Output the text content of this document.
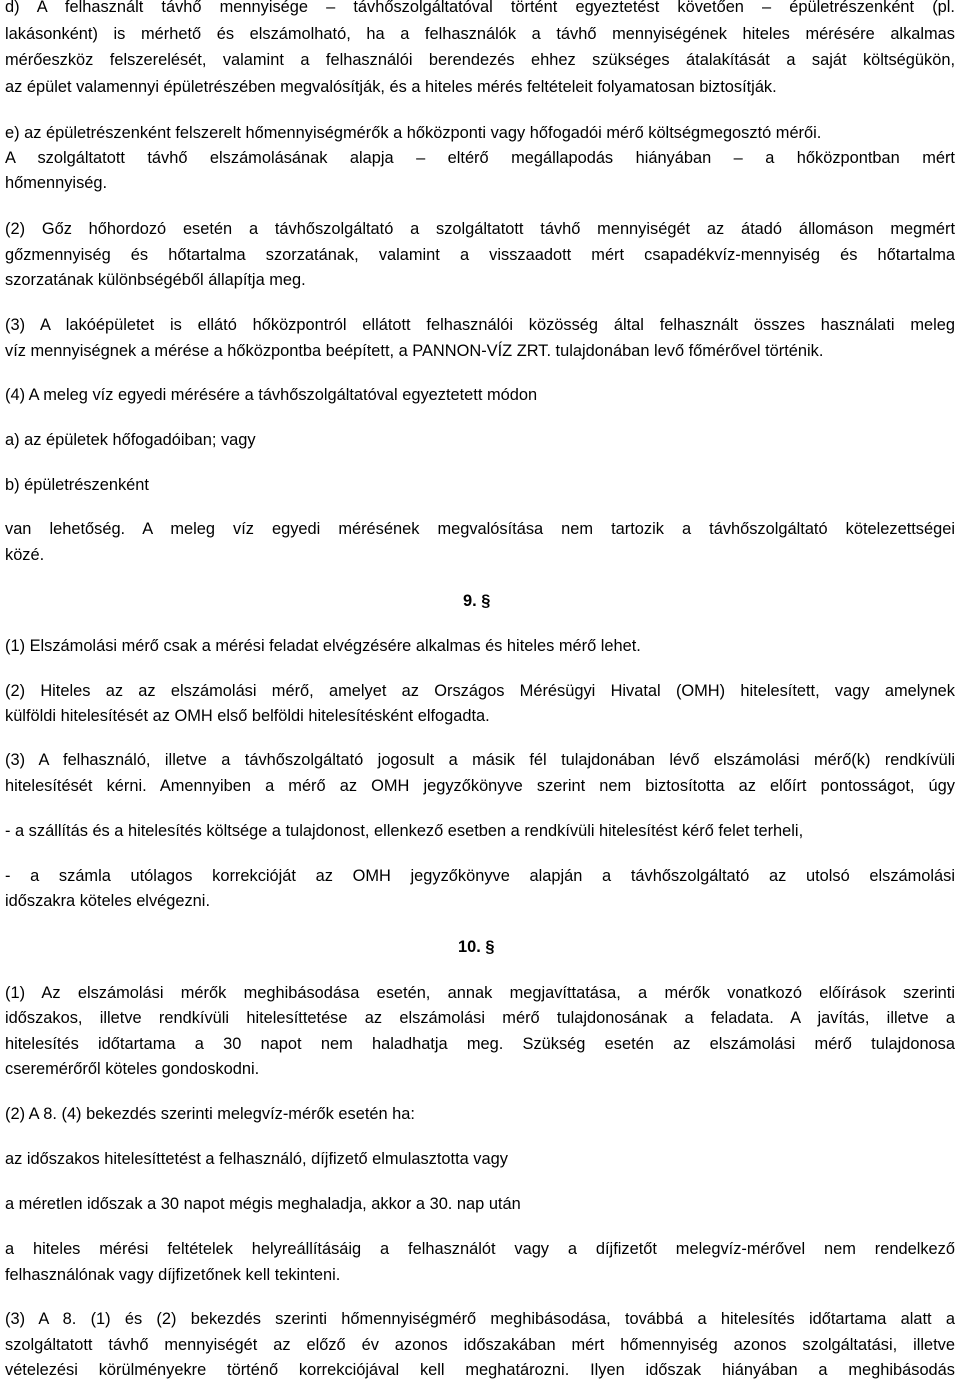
d) A felhasznált távhő mennyisége – távhőszolgáltatóval történt egyeztetést követően – épületrészenként (pl.
lakásonként) is mérhető és elszámolható, ha a felhasználók a távhő mennyiségének hiteles mérésére alkalmas
mérőeszköz felszerelését, valamint a felhasználói berendezés ehhez szükséges átalakítását a saját költségükön,
az épület valamennyi épületrészében megvalósítják, és a hiteles mérés feltételeit folyamatosan biztosítják.
e) az épületrészenként felszerelt hőmennyiségmérők a hőközponti vagy hőfogadói mérő költségmegosztó mérői.
A szolgáltatott távhő elszámolásának alapja – eltérő megállapodás hiányában – a hőközpontban mért
hőmennyiség.
(2) Gőz hőhordozó esetén a távhőszolgáltató a szolgáltatott távhő mennyiségét az átadó állomáson megmért
gőzmennyiség és hőtartalma szorzatának, valamint a visszaadott mért csapadékvíz-mennyiség és hőtartalma
szorzatának különbségéből állapítja meg.
(3) A lakóépületet is ellátó hőközpontról ellátott felhasználói közösség által felhasznált összes használati meleg
víz mennyiségnek a mérése a hőközpontba beépített, a PANNON-VÍZ ZRT. tulajdonában levő főmérővel történik.
(4) A meleg víz egyedi mérésére a távhőszolgáltatóval egyeztetett módon
a) az épületek hőfogadóiban; vagy
b) épületrészenként
van lehetőség. A meleg víz egyedi mérésének megvalósítása nem tartozik a távhőszolgáltató kötelezettségei
közé.
9. §
(1) Elszámolási mérő csak a mérési feladat elvégzésére alkalmas és hiteles mérő lehet.
(2) Hiteles az az elszámolási mérő, amelyet az Országos Mérésügyi Hivatal (OMH) hitelesített, vagy amelynek
külföldi hitelesítését az OMH első belföldi hitelesítésként elfogadta.
(3) A felhasználó, illetve a távhőszolgáltató jogosult a másik fél tulajdonában lévő elszámolási mérő(k) rendkívüli
hitelesítését kérni. Amennyiben a mérő az OMH jegyzőkönyve szerint nem biztosította az előírt pontosságot, úgy
- a szállítás és a hitelesítés költsége a tulajdonost, ellenkező esetben a rendkívüli hitelesítést kérő felet terheli,
- a számla utólagos korrekcióját az OMH jegyzőkönyve alapján a távhőszolgáltató az utolsó elszámolási
időszakra köteles elvégezni.
10. §
(1) Az elszámolási mérők meghibásodása esetén, annak megjavíttatása, a mérők vonatkozó előírások szerinti
időszakos, illetve rendkívüli hitelesíttetése az elszámolási mérő tulajdonosának a feladata. A javítás, illetve a
hitelesítés időtartama a 30 napot nem haladhatja meg. Szükség esetén az elszámolási mérő tulajdonosa
cseremérőről köteles gondoskodni.
(2) A 8. (4) bekezdés szerinti melegvíz-mérők esetén ha:
az időszakos hitelesíttetést a felhasználó, díjfizető elmulasztotta vagy
a méretlen időszak a 30 napot mégis meghaladja, akkor a 30. nap után
a hiteles mérési feltételek helyreállításáig a felhasználót vagy a díjfizetőt melegvíz-mérővel nem rendelkező
felhasználónak vagy díjfizetőnek kell tekinteni.
(3) A 8. (1) és (2) bekezdés szerinti hőmennyiségmérő meghibásodása, továbbá a hitelesítés időtartama alatt a
szolgáltatott távhő mennyiségét az előző év azonos időszakában mért hőmennyiség azonos szolgáltatási, illetve
vételezési körülményekre történő korrekciójával kell meghatározni. Ilyen időszak hiányában a meghibásodás
